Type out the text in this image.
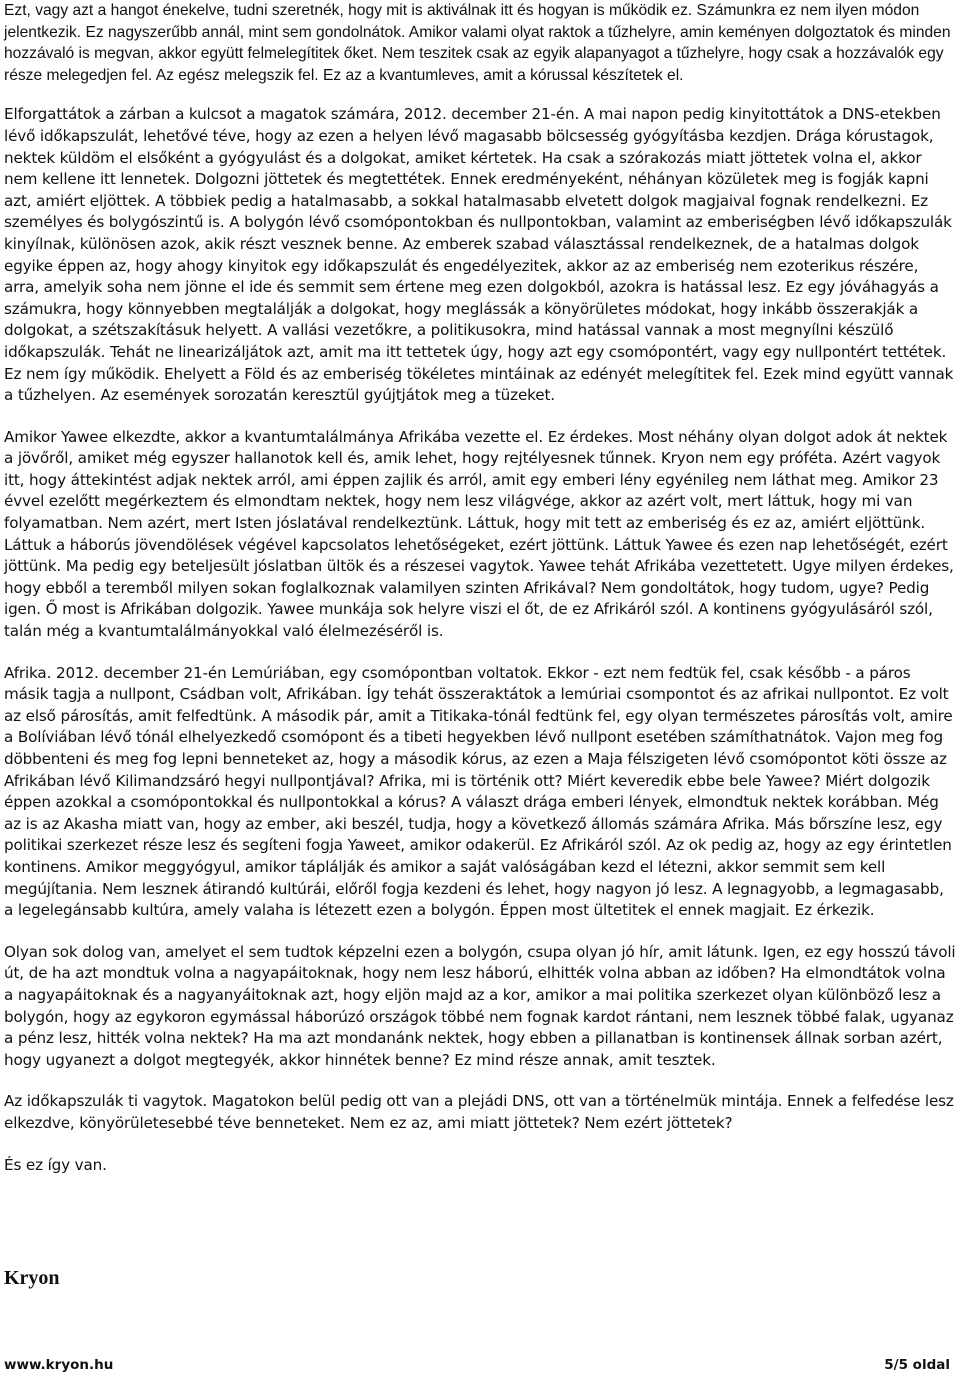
Ezt, vagy azt a hangot énekelve, tudni szeretnék, hogy mit is aktiválnak itt és hogyan is működik ez. Számunkra ez nem ilyen módon jelentkezik. Ez nagyszerűbb annál, mint sem gondolnátok. Amikor valami olyat raktok a tűzhelyre, amin keményen dolgoztatok és minden hozzávaló is megvan, akkor együtt felmelegítitek őket. Nem teszitek csak az egyik alapanyagot a tűzhelyre, hogy csak a hozzávalók egy része melegedjen fel. Az egész melegszik fel. Ez az a kvantumleves, amit a kórussal készítetek el.

Elforgattátok a zárban a kulcsot a magatok számára, 2012. december 21-én. A mai napon pedig kinyitottátok a DNS-etekben lévő időkapszulát, lehetővé téve, hogy az ezen a helyen lévő magasabb bölcsesség gyógyításba kezdjen. Drága kórustagok, nektek küldöm el elsőként a gyógyulást és a dolgokat, amiket kértetek. Ha csak a szórakozás miatt jöttetek volna el, akkor nem kellene itt lennetek. Dolgozni jöttetek és megtettétek. Ennek eredményeként, néhányan közületek meg is fogják kapni azt, amiért eljöttek. A többiek pedig a hatalmasabb, a sokkal hatalmasabb elvetett dolgok magjaival fognak rendelkezni. Ez személyes és bolygószintű is. A bolygón lévő csomópontokban és nullpontokban, valamint az emberiségben lévő időkapszulák kinyílnak, különösen azok, akik részt vesznek benne. Az emberek szabad választással rendelkeznek, de a hatalmas dolgok egyike éppen az, hogy ahogy kinyitok egy időkapszulát és engedélyezitek, akkor az az emberiség nem ezoterikus részére, arra, amelyik soha nem jönne el ide és semmit sem értene meg ezen dolgokból, azokra is hatással lesz. Ez egy jóváhagyás a számukra, hogy könnyebben megtalálják a dolgokat, hogy meglássák a könyörületes módokat, hogy inkább összerakják a dolgokat, a szétszakításuk helyett. A vallási vezetőkre, a politikusokra, mind hatással vannak a most megnyílni készülő időkapszulák. Tehát ne linearizáljátok azt, amit ma itt tettetek úgy, hogy azt egy csomópontért, vagy egy nullpontért tettétek. Ez nem így működik. Ehelyett a Föld és az emberiség tökéletes mintáinak az edényét melegítitek fel. Ezek mind együtt vannak a tűzhelyen. Az események sorozatán keresztül gyújtjátok meg a tüzeket.

Amikor Yawee elkezdte, akkor a kvantumtalálmánya Afrikába vezette el. Ez érdekes. Most néhány olyan dolgot adok át nektek a jövőről, amiket még egyszer hallanotok kell és, amik lehet, hogy rejtélyesnek tűnnek. Kryon nem egy próféta. Azért vagyok itt, hogy áttekintést adjak nektek arról, ami éppen zajlik és arról, amit egy emberi lény egyénileg nem láthat meg. Amikor 23 évvel ezelőtt megérkeztem és elmondtam nektek, hogy nem lesz világvége, akkor az azért volt, mert láttuk, hogy mi van folyamatban. Nem azért, mert Isten jóslatával rendelkeztünk. Láttuk, hogy mit tett az emberiség és ez az, amiért eljöttünk. Láttuk a háborús jövendölések végével kapcsolatos lehetőségeket, ezért jöttünk. Láttuk Yawee és ezen nap lehetőségét, ezért jöttünk. Ma pedig egy beteljesült jóslatban ültök és a részesei vagytok. Yawee tehát Afrikába vezettetett. Ugye milyen érdekes, hogy ebből a teremből milyen sokan foglalkoznak valamilyen szinten Afrikával? Nem gondoltátok, hogy tudom, ugye? Pedig igen. Ő most is Afrikában dolgozik. Yawee munkája sok helyre viszi el őt, de ez Afrikáról szól. A kontinens gyógyulásáról szól, talán még a kvantumtalálmányokkal való élelmezéséről is.

Afrika. 2012. december 21-én Lemúriában, egy csomópontban voltatok. Ekkor - ezt nem fedtük fel, csak később - a páros másik tagja a nullpont, Csádban volt, Afrikában. Így tehát összeraktátok a lemúriai csompontot és az afrikai nullpontot. Ez volt az első párosítás, amit felfedtünk. A második pár, amit a Titikaka-tónál fedtünk fel, egy olyan természetes párosítás volt, amire a Bolíviában lévő tónál elhelyezkedő csomópont és a tibeti hegyekben lévő nullpont esetében számíthatnátok. Vajon meg fog döbbenteni és meg fog lepni benneteket az, hogy a második kórus, az ezen a Maja félszigeten lévő csomópontot köti össze az Afrikában lévő Kilimandzsáró hegyi nullpontjával? Afrika, mi is történik ott? Miért keveredik ebbe bele Yawee? Miért dolgozik éppen azokkal a csomópontokkal és nullpontokkal a kórus? A választ drága emberi lények, elmondtuk nektek korábban. Még az is az Akasha miatt van, hogy az ember, aki beszél, tudja, hogy a következő állomás számára Afrika. Más bőrszíne lesz, egy politikai szerkezet része lesz és segíteni fogja Yaweet, amikor odakerül. Ez Afrikáról szól. Az ok pedig az, hogy az egy érintetlen kontinens. Amikor meggyógyul, amikor táplálják és amikor a saját valóságában kezd el létezni, akkor semmit sem kell megújítania. Nem lesznek átirandó kultúrái, előről fogja kezdeni és lehet, hogy nagyon jó lesz. A legnagyobb, a legmagasabb, a legelegánsabb kultúra, amely valaha is létezett ezen a bolygón. Éppen most ültetitek el ennek magjait. Ez érkezik.

Olyan sok dolog van, amelyet el sem tudtok képzelni ezen a bolygón, csupa olyan jó hír, amit látunk. Igen, ez egy hosszú távoli út, de ha azt mondtuk volna a nagyapáitoknak, hogy nem lesz háború, elhitték volna abban az időben? Ha elmondtátok volna a nagyapáitoknak és a nagyanyáitoknak azt, hogy eljön majd az a kor, amikor a mai politika szerkezet olyan különböző lesz a bolygón, hogy az egykoron egymással háborúzó országok többé nem fognak kardot rántani, nem lesznek többé falak, ugyanaz a pénz lesz, hitték volna nektek? Ha ma azt mondanánk nektek, hogy ebben a pillanatban is kontinensek állnak sorban azért, hogy ugyanezt a dolgot megtegyék, akkor hinnétek benne? Ez mind része annak, amit tesztek.

Az időkapszulák ti vagytok. Magatokon belül pedig ott van a plejádi DNS, ott van a történelmük mintája. Ennek a felfedése lesz elkezdve, könyörületesebbé téve benneteket. Nem ez az, ami miatt jöttetek? Nem ezért jöttetek?

És ez így van.

Kryon
www.kryon.hu	5/5 oldal
